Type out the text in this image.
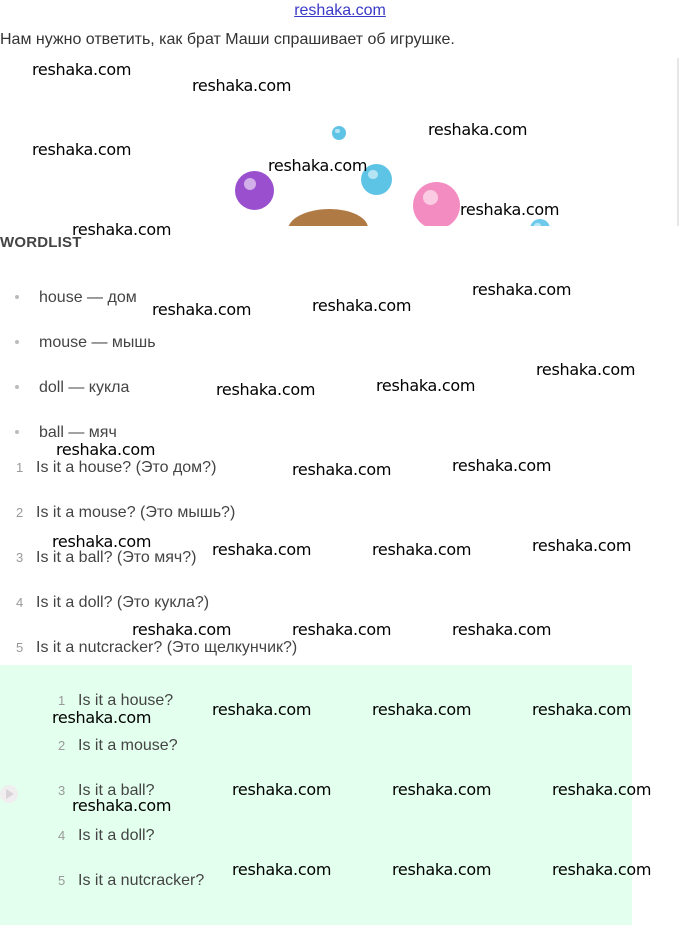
reshaka.com
Нам нужно ответить, как брат Маши спрашивает об игрушке.
WORDLIST
house — дом
mouse — мышь
doll — кукла
ball — мяч
1 Is it a house? (Это дом?)
2 Is it a mouse? (Это мышь?)
3 Is it a ball? (Это мяч?)
4 Is it a doll? (Это кукла?)
5 Is it a nutcracker? (Это щелкунчик?)
1 Is it a house?
2 Is it a mouse?
3 Is it a ball?
4 Is it a doll?
5 Is it a nutcracker?
reshaka.com
reshaka.com
reshaka.com
reshaka.com
reshaka.com
reshaka.com
reshaka.com
reshaka.com
reshaka.com	reshaka.com
reshaka.com
reshaka.com	reshaka.com
reshaka.com
reshaka.com	reshaka.com
reshaka.com	reshaka.com	reshaka.com	reshaka.com
reshaka.com	reshaka.com	reshaka.com
reshaka.com	reshaka.com	reshaka.com	reshaka.com
reshaka.com	reshaka.com	reshaka.com
reshaka.com
reshaka.com	reshaka.com	reshaka.com
